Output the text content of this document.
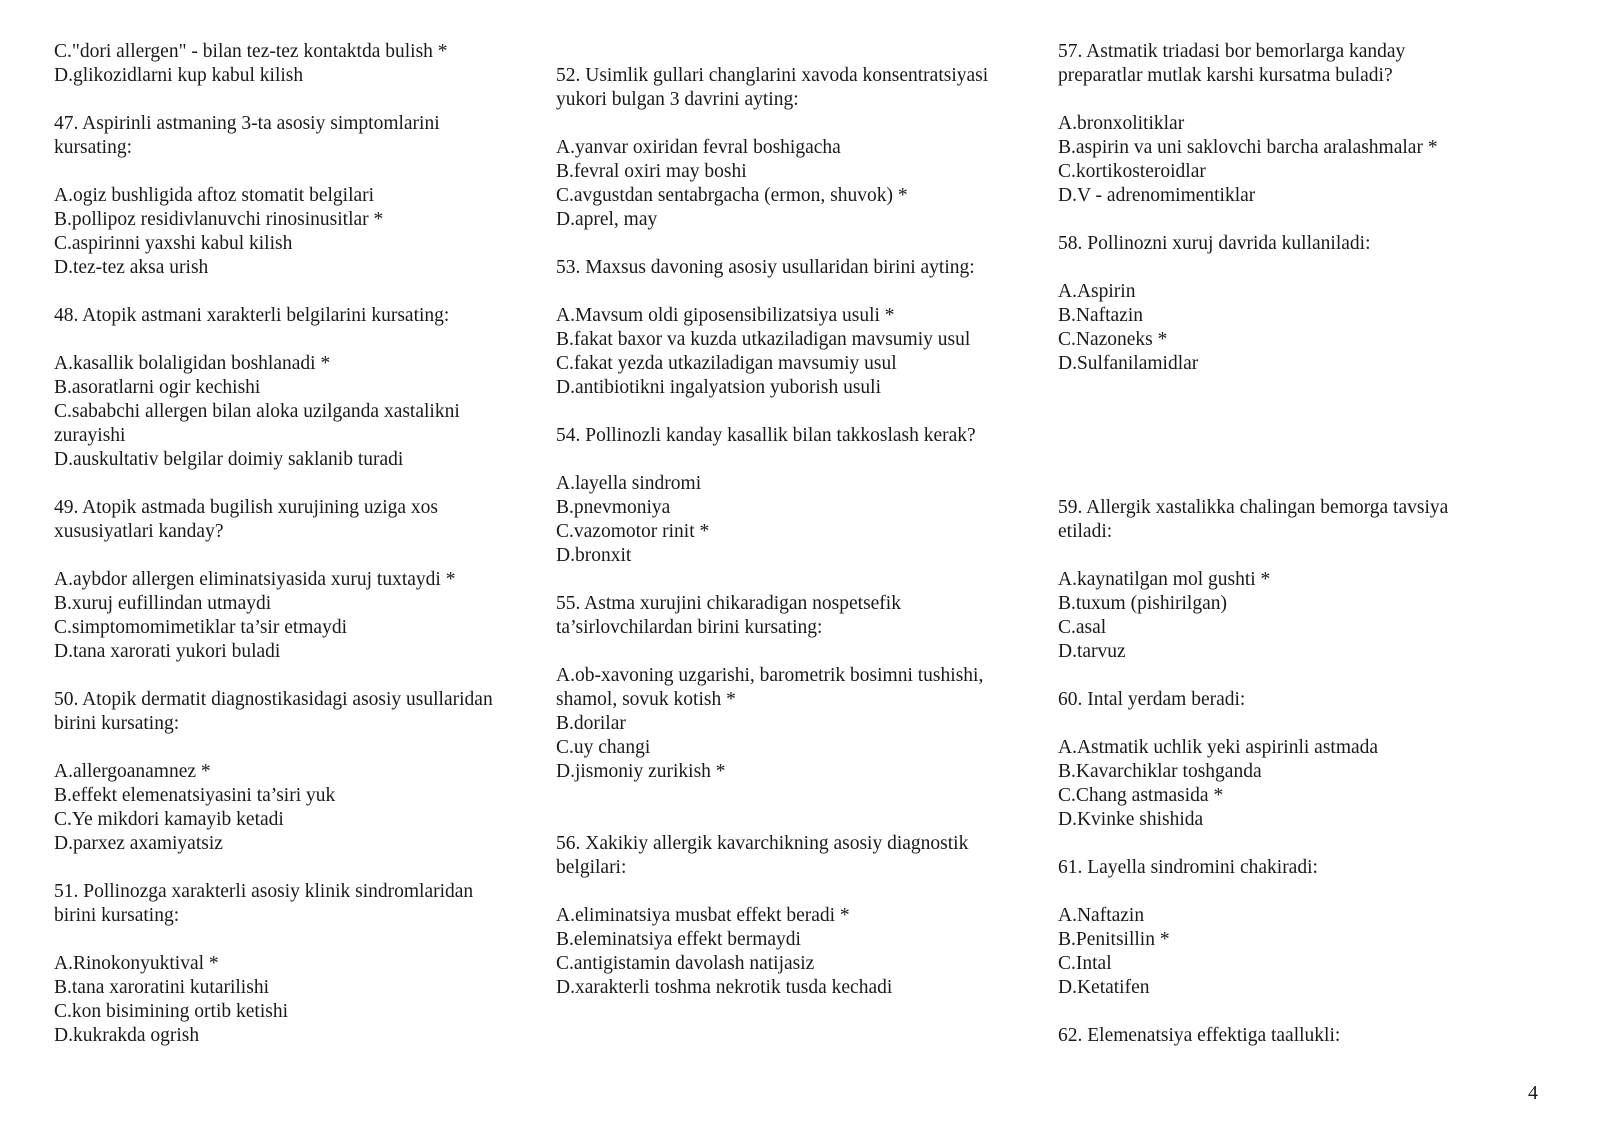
C."dori allergen" - bilan tez-tez kontaktda bulish *
D.glikozidlarni kup kabul kilish
47. Aspirinli astmaning 3-ta asosiy simptomlarini
kursating:
A.ogiz bushligida aftoz stomatit belgilari
B.pollipoz residivlanuvchi rinosinusitlar *
C.aspirinni yaxshi kabul kilish
D.tez-tez aksa urish
48. Atopik astmani xarakterli belgilarini kursating:
A.kasallik bolaligidan boshlanadi *
B.asoratlarni ogir kechishi
C.sababchi allergen bilan aloka uzilganda xastalikni
zurayishi
D.auskultativ belgilar doimiy saklanib turadi
49. Atopik astmada bugilish xurujining uziga xos
xususiyatlari kanday?
A.aybdor allergen eliminatsiyasida xuruj tuxtaydi *
B.xuruj eufillindan utmaydi
C.simptomomimetiklar ta’sir etmaydi
D.tana xarorati yukori buladi
50. Atopik dermatit diagnostikasidagi asosiy usullaridan
birini kursating:
A.allergoanamnez *
B.effekt elemenatsiyasini ta’siri yuk
C.Ye mikdori kamayib ketadi
D.parxez axamiyatsiz
51. Pollinozga xarakterli asosiy klinik sindromlaridan
birini kursating:
A.Rinokonyuktival *
B.tana xaroratini kutarilishi
C.kon bisimining ortib ketishi
D.kukrakda ogrish
52. Usimlik gullari changlarini xavoda konsentratsiyasi
yukori bulgan 3 davrini ayting:
A.yanvar oxiridan fevral boshigacha
B.fevral oxiri may boshi
C.avgustdan sentabrgacha (ermon, shuvok) *
D.aprel, may
53. Maxsus davoning asosiy usullaridan birini ayting:
A.Mavsum oldi giposensibilizatsiya usuli *
B.fakat baxor va kuzda utkaziladigan mavsumiy usul
C.fakat yezda utkaziladigan mavsumiy usul
D.antibiotikni ingalyatsion yuborish usuli
54. Pollinozli kanday kasallik bilan takkoslash kerak?
A.layella sindromi
B.pnevmoniya
C.vazomotor rinit *
D.bronxit
55. Astma xurujini chikaradigan nospetsefik
ta’sirlovchilardan birini kursating:
A.ob-xavoning uzgarishi, barometrik bosimni tushishi,
shamol, sovuk kotish *
B.dorilar
C.uy changi
D.jismoniy zurikish *
56. Xakikiy allergik kavarchikning asosiy diagnostik
belgilari:
A.eliminatsiya musbat effekt beradi *
B.eleminatsiya effekt bermaydi
C.antigistamin davolash natijasiz
D.xarakterli toshma nekrotik tusda kechadi
57. Astmatik triadasi bor bemorlarga kanday
preparatlar mutlak karshi kursatma buladi?
A.bronxolitiklar
B.aspirin va uni saklovchi barcha aralashmalar *
C.kortikosteroidlar
D.V - adrenomimentiklar
58. Pollinozni xuruj davrida kullaniladi:
A.Aspirin
B.Naftazin
C.Nazoneks *
D.Sulfanilamidlar
59. Allergik xastalikka chalingan bemorga tavsiya
etiladi:
A.kaynatilgan mol gushti *
B.tuxum (pishirilgan)
C.asal
D.tarvuz
60. Intal yerdam beradi:
A.Astmatik uchlik yeki aspirinli astmada
B.Kavarchiklar toshganda
C.Chang astmasida *
D.Kvinke shishida
61. Layella sindromini chakiradi:
A.Naftazin
B.Penitsillin *
C.Intal
D.Ketatifen
62. Elemenatsiya effektiga taallukli:
4
